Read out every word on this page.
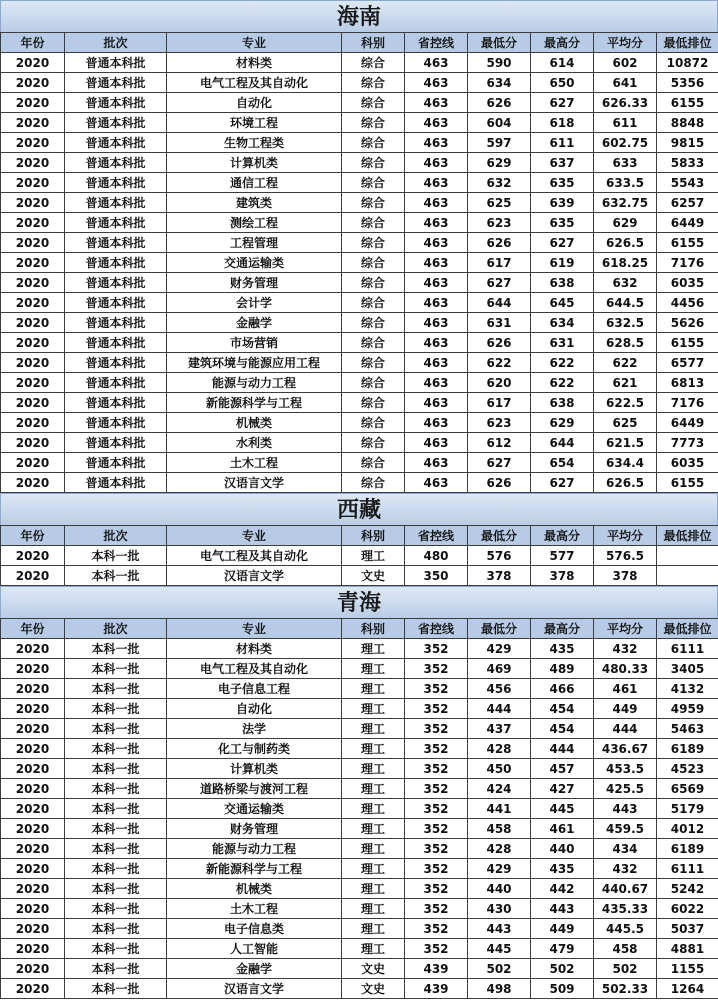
海南
年份	批次	专业	科别	省控线	最低分	最高分	平均分	最低排位
2020	普通本科批	材料类	综合	463	590	614	602	10872
2020	普通本科批	电气工程及其自动化	综合	463	634	650	641	5356
2020	普通本科批	自动化	综合	463	626	627	626.33	6155
2020	普通本科批	环境工程	综合	463	604	618	611	8848
2020	普通本科批	生物工程类	综合	463	597	611	602.75	9815
2020	普通本科批	计算机类	综合	463	629	637	633	5833
2020	普通本科批	通信工程	综合	463	632	635	633.5	5543
2020	普通本科批	建筑类	综合	463	625	639	632.75	6257
2020	普通本科批	测绘工程	综合	463	623	635	629	6449
2020	普通本科批	工程管理	综合	463	626	627	626.5	6155
2020	普通本科批	交通运输类	综合	463	617	619	618.25	7176
2020	普通本科批	财务管理	综合	463	627	638	632	6035
2020	普通本科批	会计学	综合	463	644	645	644.5	4456
2020	普通本科批	金融学	综合	463	631	634	632.5	5626
2020	普通本科批	市场营销	综合	463	626	631	628.5	6155
2020	普通本科批	建筑环境与能源应用工程	综合	463	622	622	622	6577
2020	普通本科批	能源与动力工程	综合	463	620	622	621	6813
2020	普通本科批	新能源科学与工程	综合	463	617	638	622.5	7176
2020	普通本科批	机械类	综合	463	623	629	625	6449
2020	普通本科批	水利类	综合	463	612	644	621.5	7773
2020	普通本科批	土木工程	综合	463	627	654	634.4	6035
2020	普通本科批	汉语言文学	综合	463	626	627	626.5	6155
西藏
年份	批次	专业	科别	省控线	最低分	最高分	平均分	最低排位
2020	本科一批	电气工程及其自动化	理工	480	576	577	576.5	
2020	本科一批	汉语言文学	文史	350	378	378	378	
青海
年份	批次	专业	科别	省控线	最低分	最高分	平均分	最低排位
2020	本科一批	材料类	理工	352	429	435	432	6111
2020	本科一批	电气工程及其自动化	理工	352	469	489	480.33	3405
2020	本科一批	电子信息工程	理工	352	456	466	461	4132
2020	本科一批	自动化	理工	352	444	454	449	4959
2020	本科一批	法学	理工	352	437	454	444	5463
2020	本科一批	化工与制药类	理工	352	428	444	436.67	6189
2020	本科一批	计算机类	理工	352	450	457	453.5	4523
2020	本科一批	道路桥梁与渡河工程	理工	352	424	427	425.5	6569
2020	本科一批	交通运输类	理工	352	441	445	443	5179
2020	本科一批	财务管理	理工	352	458	461	459.5	4012
2020	本科一批	能源与动力工程	理工	352	428	440	434	6189
2020	本科一批	新能源科学与工程	理工	352	429	435	432	6111
2020	本科一批	机械类	理工	352	440	442	440.67	5242
2020	本科一批	土木工程	理工	352	430	443	435.33	6022
2020	本科一批	电子信息类	理工	352	443	449	445.5	5037
2020	本科一批	人工智能	理工	352	445	479	458	4881
2020	本科一批	金融学	文史	439	502	502	502	1155
2020	本科一批	汉语言文学	文史	439	498	509	502.33	1264
